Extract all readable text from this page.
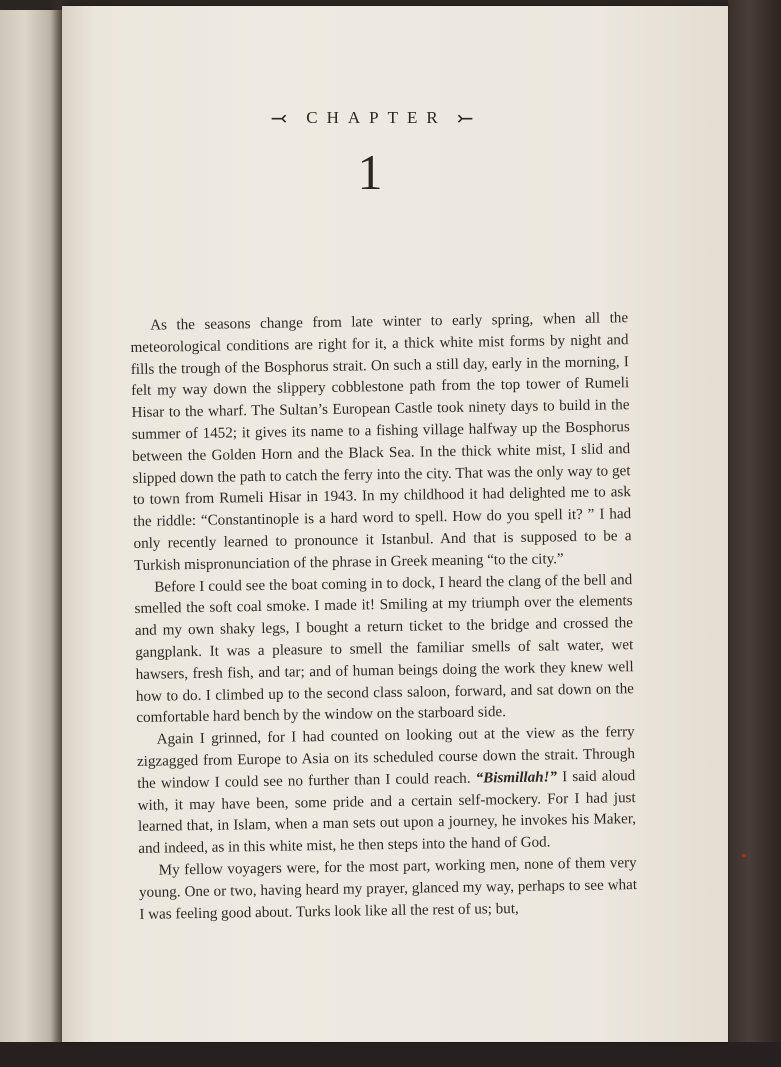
⤙	CHAPTER ⤚
1

As the seasons change from late winter to early spring, when all the meteorological conditions are right for it, a thick white mist forms by night and fills the trough of the Bosphorus strait. On such a still day, early in the morning, I felt my way down the slippery cobblestone path from the top tower of Rumeli Hisar to the wharf. The Sultan’s European Castle took ninety days to build in the summer of 1452; it gives its name to a fishing village halfway up the Bosphorus between the Golden Horn and the Black Sea. In the thick white mist, I slid and slipped down the path to catch the ferry into the city. That was the only way to get to town from Rumeli Hisar in 1943. In my childhood it had delighted me to ask the riddle: “Constantinople is a hard word to spell. How do you spell it? ” I had only recently learned to pronounce it Istanbul. And that is supposed to be a Turkish mispronunciation of the phrase in Greek meaning “to the city.”

Before I could see the boat coming in to dock, I heard the clang of the bell and smelled the soft coal smoke. I made it! Smiling at my triumph over the elements and my own shaky legs, I bought a return ticket to the bridge and crossed the gangplank. It was a pleasure to smell the familiar smells of salt water, wet hawsers, fresh fish, and tar; and of human beings doing the work they knew well how to do. I climbed up to the second class saloon, forward, and sat down on the comfortable hard bench by the window on the starboard side.

Again I grinned, for I had counted on looking out at the view as the ferry zigzagged from Europe to Asia on its scheduled course down the strait. Through the window I could see no further than I could reach. “Bismillah!” I said aloud with, it may have been, some pride and a certain self-mockery. For I had just learned that, in Islam, when a man sets out upon a journey, he invokes his Maker, and indeed, as in this white mist, he then steps into the hand of God.

My fellow voyagers were, for the most part, working men, none of them very young. One or two, having heard my prayer, glanced my way, perhaps to see what I was feeling good about. Turks look like all the rest of us; but,
